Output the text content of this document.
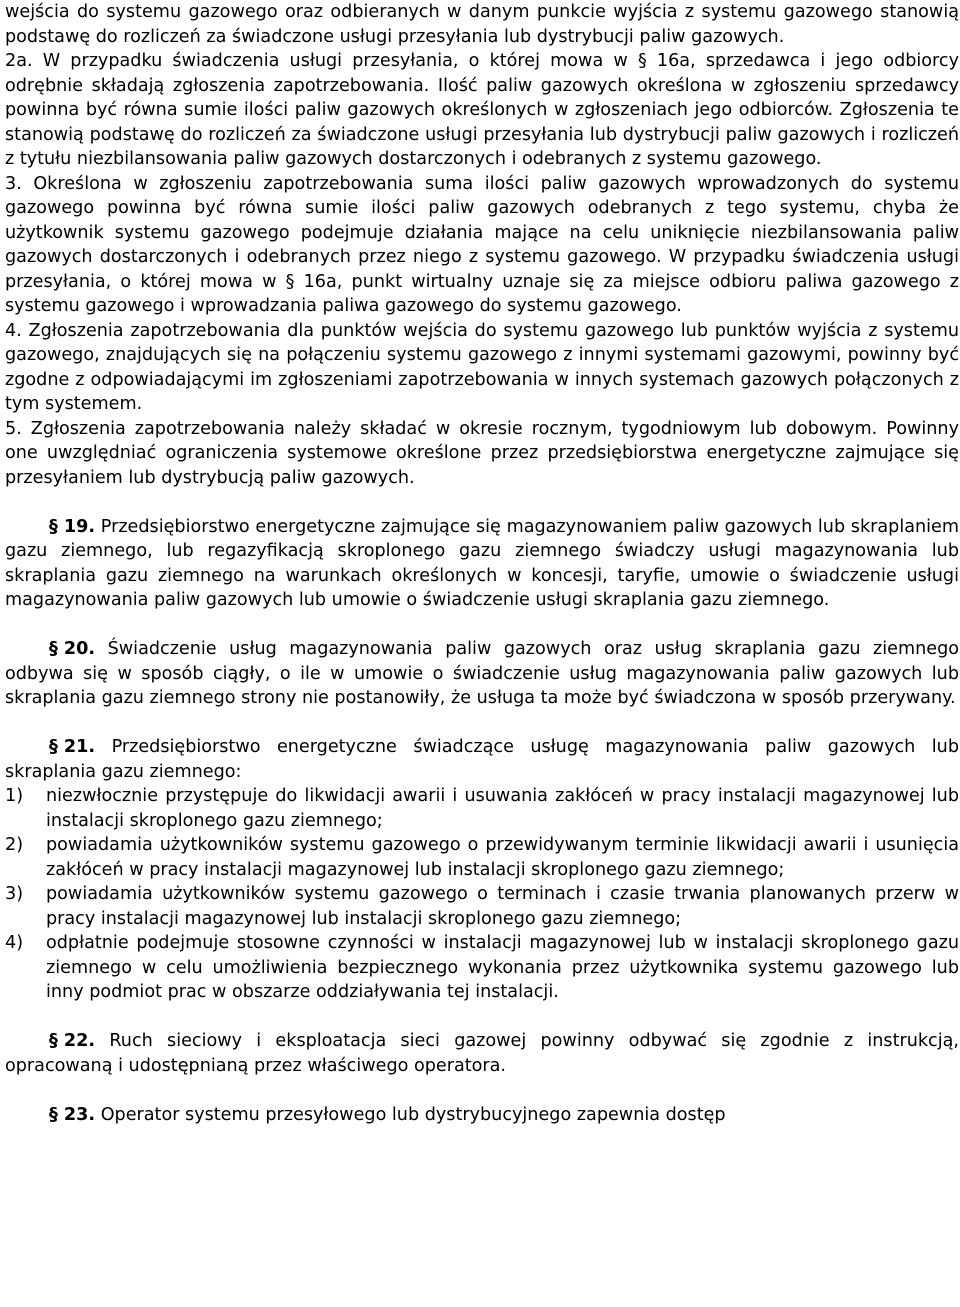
wejścia do systemu gazowego oraz odbieranych w danym punkcie wyjścia z systemu gazowego stanowią podstawę do rozliczeń za świadczone usługi przesyłania lub dystrybucji paliw gazowych.

2a. W przypadku świadczenia usługi przesyłania, o której mowa w § 16a, sprzedawca i jego odbiorcy odrębnie składają zgłoszenia zapotrzebowania. Ilość paliw gazowych określona w zgłoszeniu sprzedawcy powinna być równa sumie ilości paliw gazowych określonych w zgłoszeniach jego odbiorców. Zgłoszenia te stanowią podstawę do rozliczeń za świadczone usługi przesyłania lub dystrybucji paliw gazowych i rozliczeń z tytułu niezbilansowania paliw gazowych dostarczonych i odebranych z systemu gazowego.

3. Określona w zgłoszeniu zapotrzebowania suma ilości paliw gazowych wprowadzonych do systemu gazowego powinna być równa sumie ilości paliw gazowych odebranych z tego systemu, chyba że użytkownik systemu gazowego podejmuje działania mające na celu uniknięcie niezbilansowania paliw gazowych dostarczonych i odebranych przez niego z systemu gazowego. W przypadku świadczenia usługi przesyłania, o której mowa w § 16a, punkt wirtualny uznaje się za miejsce odbioru paliwa gazowego z systemu gazowego i wprowadzania paliwa gazowego do systemu gazowego.

4. Zgłoszenia zapotrzebowania dla punktów wejścia do systemu gazowego lub punktów wyjścia z systemu gazowego, znajdujących się na połączeniu systemu gazowego z innymi systemami gazowymi, powinny być zgodne z odpowiadającymi im zgłoszeniami zapotrzebowania w innych systemach gazowych połączonych z tym systemem.

5. Zgłoszenia zapotrzebowania należy składać w okresie rocznym, tygodniowym lub dobowym. Powinny one uwzględniać ograniczenia systemowe określone przez przedsiębiorstwa energetyczne zajmujące się przesyłaniem lub dystrybucją paliw gazowych.

§ 19. Przedsiębiorstwo energetyczne zajmujące się magazynowaniem paliw gazowych lub skraplaniem gazu ziemnego, lub regazyfikacją skroplonego gazu ziemnego świadczy usługi magazynowania lub skraplania gazu ziemnego na warunkach określonych w koncesji, taryfie, umowie o świadczenie usługi magazynowania paliw gazowych lub umowie o świadczenie usługi skraplania gazu ziemnego.

§ 20. Świadczenie usług magazynowania paliw gazowych oraz usług skraplania gazu ziemnego odbywa się w sposób ciągły, o ile w umowie o świadczenie usług magazynowania paliw gazowych lub skraplania gazu ziemnego strony nie postanowiły, że usługa ta może być świadczona w sposób przerywany.

§ 21. Przedsiębiorstwo energetyczne świadczące usługę magazynowania paliw gazowych lub skraplania gazu ziemnego:

1) niezwłocznie przystępuje do likwidacji awarii i usuwania zakłóceń w pracy instalacji magazynowej lub instalacji skroplonego gazu ziemnego;
2) powiadamia użytkowników systemu gazowego o przewidywanym terminie likwidacji awarii i usunięcia zakłóceń w pracy instalacji magazynowej lub instalacji skroplonego gazu ziemnego;
3) powiadamia użytkowników systemu gazowego o terminach i czasie trwania planowanych przerw w pracy instalacji magazynowej lub instalacji skroplonego gazu ziemnego;
4) odpłatnie podejmuje stosowne czynności w instalacji magazynowej lub w instalacji skroplonego gazu ziemnego w celu umożliwienia bezpiecznego wykonania przez użytkownika systemu gazowego lub inny podmiot prac w obszarze oddziaływania tej instalacji.

§ 22. Ruch sieciowy i eksploatacja sieci gazowej powinny odbywać się zgodnie z instrukcją, opracowaną i udostępnianą przez właściwego operatora.

§ 23. Operator systemu przesyłowego lub dystrybucyjnego zapewnia dostęp
